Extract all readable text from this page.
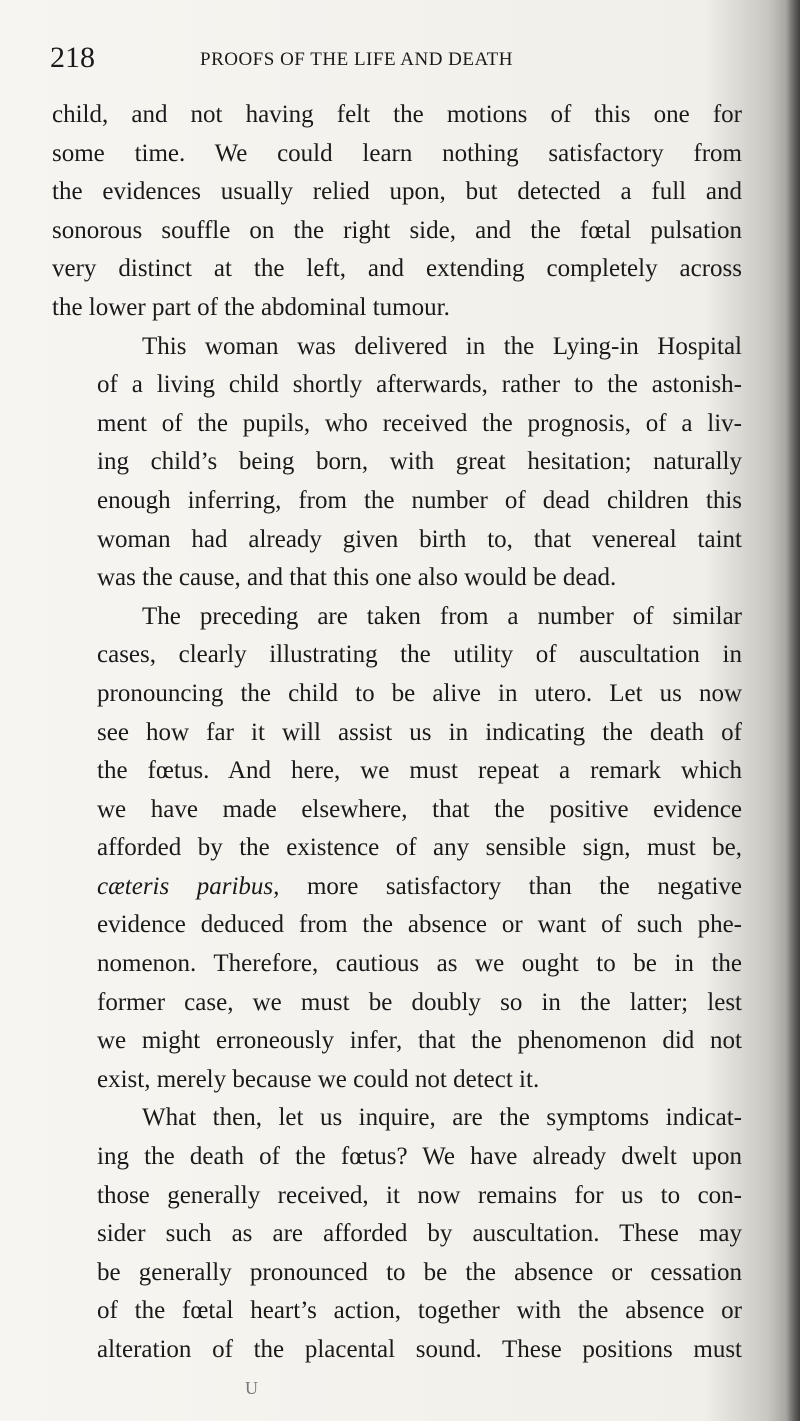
218	PROOFS OF THE LIFE AND DEATH

child, and not having felt the motions of this one for
some time. We could learn nothing satisfactory from
the evidences usually relied upon, but detected a full and
sonorous souffle on the right side, and the fœtal pulsation
very distinct at the left, and extending completely across
the lower part of the abdominal tumour.

This woman was delivered in the Lying-in Hospital
of a living child shortly afterwards, rather to the astonish-
ment of the pupils, who received the prognosis, of a liv-
ing child’s being born, with great hesitation; naturally
enough inferring, from the number of dead children this
woman had already given birth to, that venereal taint
was the cause, and that this one also would be dead.

The preceding are taken from a number of similar
cases, clearly illustrating the utility of auscultation in
pronouncing the child to be alive in utero. Let us now
see how far it will assist us in indicating the death of
the fœtus. And here, we must repeat a remark which
we have made elsewhere, that the positive evidence
afforded by the existence of any sensible sign, must be,
cæteris paribus, more satisfactory than the negative
evidence deduced from the absence or want of such phe-
nomenon. Therefore, cautious as we ought to be in the
former case, we must be doubly so in the latter; lest
we might erroneously infer, that the phenomenon did not
exist, merely because we could not detect it.

What then, let us inquire, are the symptoms indicat-
ing the death of the fœtus? We have already dwelt upon
those generally received, it now remains for us to con-
sider such as are afforded by auscultation. These may
be generally pronounced to be the absence or cessation
of the fœtal heart’s action, together with the absence or
alteration of the placental sound. These positions must

U
